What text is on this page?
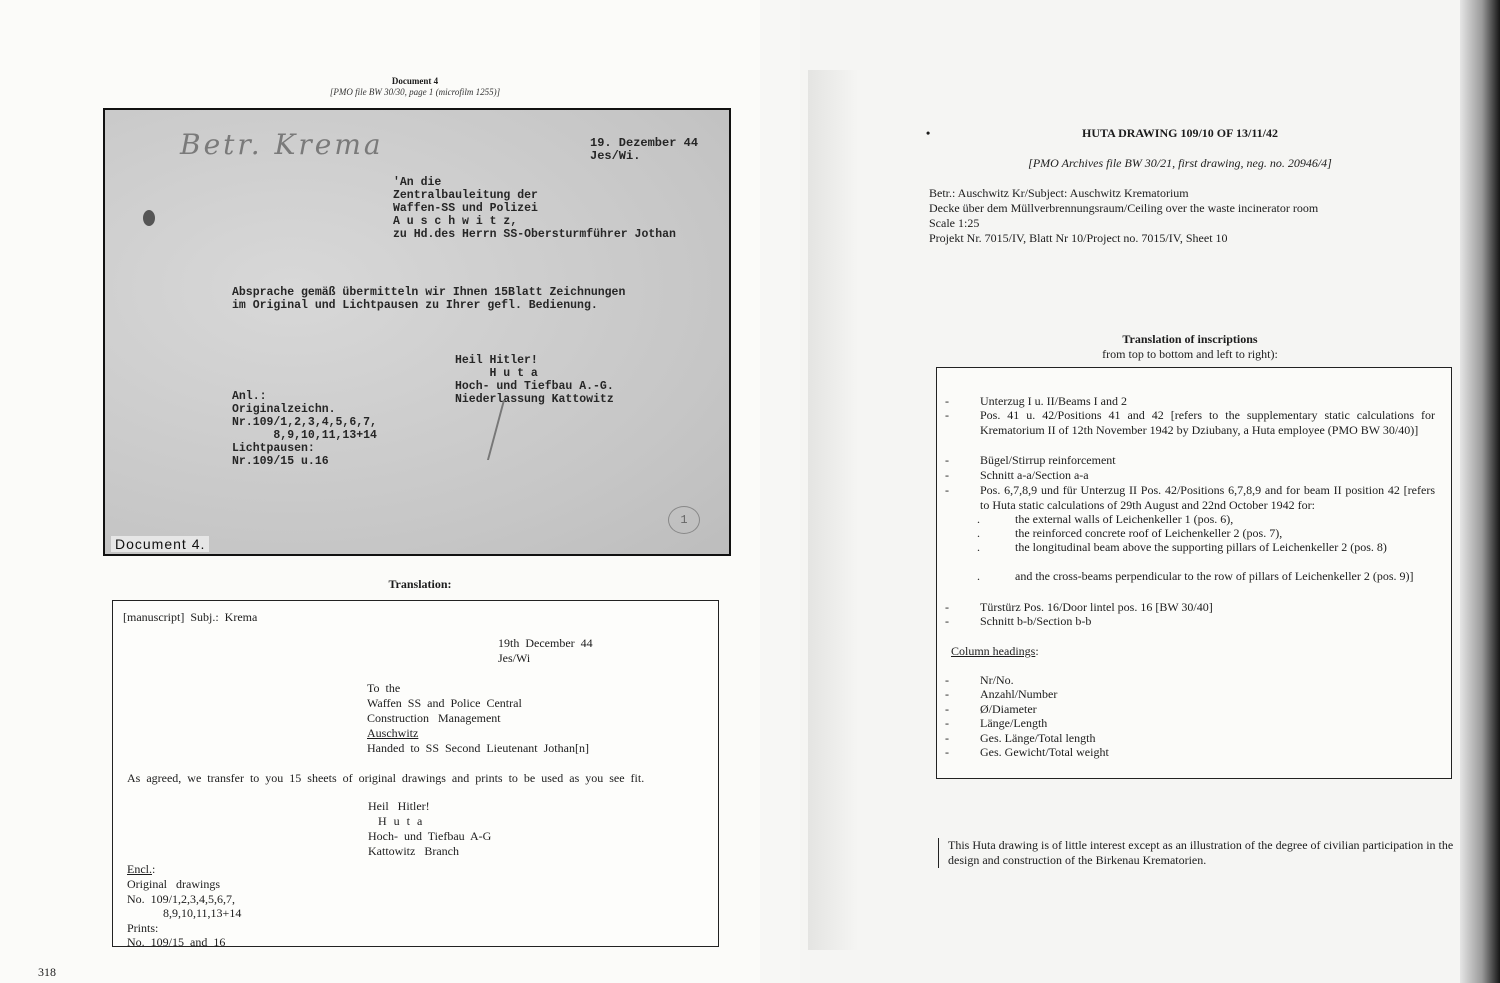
Document 4
[PMO file BW 30/30, page 1 (microfilm 1255)]
Betr. Krema	19. Dezember 44
Jes/Wi.
'An die
Zentralbauleitung der
Waffen-SS und Polizei
A u s c h w i t z,
zu Hd.des Herrn SS-Obersturmführer Jothan
Absprache gemäß übermitteln wir Ihnen 15Blatt Zeichnungen
im Original und Lichtpausen zu Ihrer gefl. Bedienung.
Heil Hitler!
H u t a
Hoch- und Tiefbau A.-G.
Niederlassung Kattowitz
Anl.:
Originalzeichn.
Nr.109/1,2,3,4,5,6,7,
8,9,10,11,13+14
Lichtpausen:
Nr.109/15 u.16
1
Document 4.
Translation:
[manuscript]  Subj.:  Krema
19th  December  44
Jes/Wi
To  the
Waffen  SS  and  Police  Central
Construction   Management
Auschwitz
Handed  to  SS  Second  Lieutenant  Jothan[n]
As  agreed,  we  transfer  to  you  15  sheets  of  original  drawings  and  prints  to  be  used  as  you  see  fit.
Heil   Hitler!
H u t a
Hoch-  und  Tiefbau  A-G
Kattowitz   Branch
Encl.:
Original   drawings
No.  109/1,2,3,4,5,6,7,
8,9,10,11,13+14
Prints:
No.  109/15  and  16
318
•	HUTA DRAWING 109/10 OF 13/11/42
[PMO Archives file BW 30/21, first drawing, neg. no. 20946/4]
Betr.: Auschwitz Kr/Subject: Auschwitz Krematorium
Decke über dem Müllverbrennungsraum/Ceiling over the waste incinerator room
Scale 1:25
Projekt Nr. 7015/IV, Blatt Nr 10/Project no. 7015/IV, Sheet 10
Translation of inscriptions
from top to bottom and left to right):
-	Unterzug I u. II/Beams I and 2
-	Pos. 41 u. 42/Positions 41 and 42 [refers to the supplementary static calculations for Krematorium II of 12th November 1942 by Dziubany, a Huta employee (PMO BW 30/40)]
-	Bügel/Stirrup reinforcement
-	Schnitt a-a/Section a-a
-	Pos. 6,7,8,9 und für Unterzug II Pos. 42/Positions 6,7,8,9 and for beam II position 42 [refers to Huta static calculations of 29th August and 22nd October 1942 for:
.	the external walls of Leichenkeller 1 (pos. 6),
.	the reinforced concrete roof of Leichenkeller 2 (pos. 7),
.	the longitudinal beam above the supporting pillars of Leichenkeller 2 (pos. 8)
.	and the cross-beams perpendicular to the row of pillars of Leichenkeller 2 (pos. 9)]
-	Türstürz Pos. 16/Door lintel pos. 16 [BW 30/40]
-	Schnitt b-b/Section b-b
Column headings:
-	Nr/No.
-	Anzahl/Number
-	Ø/Diameter
-	Länge/Length
-	Ges. Länge/Total length
-	Ges. Gewicht/Total weight
This Huta drawing is of little interest except as an illustration of the degree of civilian participation in the design and construction of the Birkenau Krematorien.
